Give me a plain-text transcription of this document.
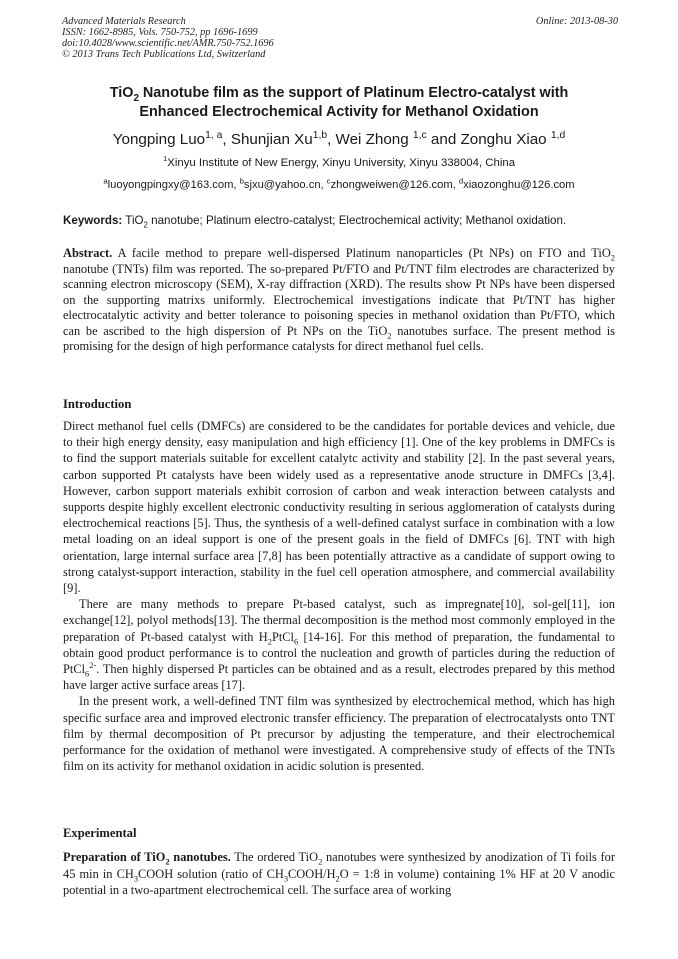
Advanced Materials Research
ISSN: 1662-8985, Vols. 750-752, pp 1696-1699
doi:10.4028/www.scientific.net/AMR.750-752.1696
© 2013 Trans Tech Publications Ltd, Switzerland
Online: 2013-08-30
TiO$_2$ Nanotube film as the support of Platinum Electro-catalyst with
Enhanced Electrochemical Activity for Methanol Oxidation
Yongping Luo$^{1, a}$, Shunjian Xu$^{1,b}$, Wei Zhong $^{1,c}$ and Zonghu Xiao $^{1,d}$
$^1$Xinyu Institute of New Energy, Xinyu University, Xinyu 338004, China
$^a$luoyongpingxy@163.com, $^b$sjxu@yahoo.cn, $^c$zhongweiwen@126.com, $^d$xiaozonghu@126.com
Keywords: TiO$_2$ nanotube; Platinum electro-catalyst; Electrochemical activity; Methanol oxidation.
Abstract. A facile method to prepare well-dispersed Platinum nanoparticles (Pt NPs) on FTO and TiO$_2$ nanotube (TNTs) film was reported. The so-prepared Pt/FTO and Pt/TNT film electrodes are characterized by scanning electron microscopy (SEM), X-ray diffraction (XRD). The results show Pt NPs have been dispersed on the supporting matrixs uniformly. Electrochemical investigations indicate that Pt/TNT has higher electrocatalytic activity and better tolerance to poisoning species in methanol oxidation than Pt/FTO, which can be ascribed to the high dispersion of Pt NPs on the TiO$_2$ nanotubes surface. The present method is promising for the design of high performance catalysts for direct methanol fuel cells.
Introduction

Direct methanol fuel cells (DMFCs) are considered to be the candidates for portable devices and vehicle, due to their high energy density, easy manipulation and high efficiency [1]. One of the key problems in DMFCs is to find the support materials suitable for excellent catalytc activity and stability [2]. In the past several years, carbon supported Pt catalysts have been widely used as a representative anode structure in DMFCs [3,4]. However, carbon support materials exhibit corrosion of carbon and weak interaction between catalysts and supports despite highly excellent electronic conductivity resulting in serious agglomeration of catalysts during electrochemical reactions [5]. Thus, the synthesis of a well-defined catalyst surface in combination with a low metal loading on an ideal support is one of the present goals in the field of DMFCs [6]. TNT with high orientation, large internal surface area [7,8] has been potentially attractive as a candidate of support owing to strong catalyst-support interaction, stability in the fuel cell operation atmosphere, and commercial availability [9].

There are many methods to prepare Pt-based catalyst, such as impregnate[10], sol-gel[11], ion exchange[12], polyol methods[13]. The thermal decomposition is the method most commonly employed in the preparation of Pt-based catalyst with $H_2PtCl_6$ [14-16]. For this method of preparation, the fundamental to obtain good product performance is to control the nucleation and growth of particles during the reduction of PtCl$_6^{2-}$. Then highly dispersed Pt particles can be obtained and as a result, electrodes prepared by this method have larger active surface areas [17].

In the present work, a well-defined TNT film was synthesized by electrochemical method, which has high specific surface area and improved electronic transfer efficiency. The preparation of electrocatalysts onto TNT film by thermal decomposition of Pt precursor by adjusting the temperature, and their electrochemical performance for the oxidation of methanol were investigated. A comprehensive study of effects of the TNTs film on its activity for methanol oxidation in acidic solution is presented.

Experimental

Preparation of TiO$_2$ nanotubes. The ordered TiO$_2$ nanotubes were synthesized by anodization of Ti foils for 45 min in $CH_3COOH$ solution (ratio of $CH_3COOH/H_2O$ = 1:8 in volume) containing 1% HF at 20 V anodic potential in a two-apartment electrochemical cell. The surface area of working
